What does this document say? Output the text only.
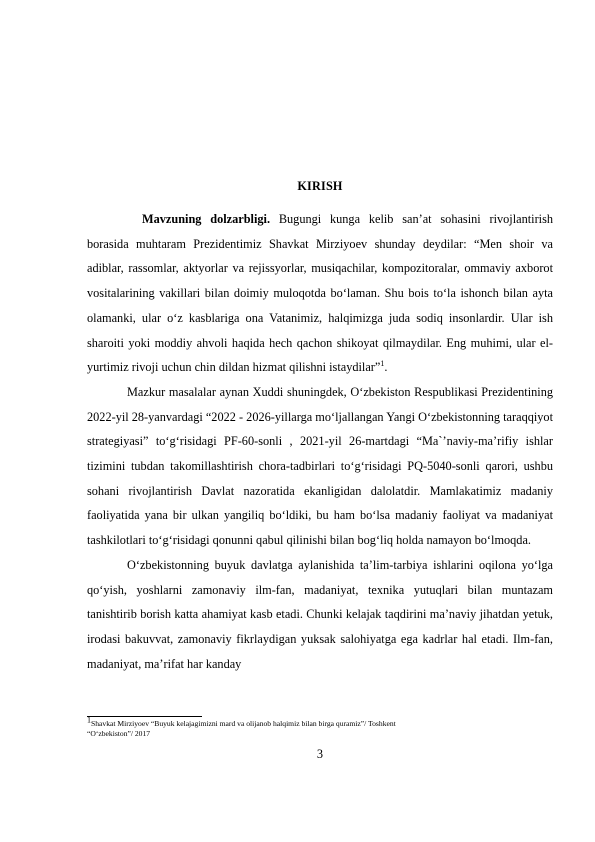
KIRISH

Mavzuning dolzarbligi. Bugungi kunga kelib san’at sohasini rivojlantirish borasida muhtaram Prezidentimiz Shavkat Mirziyoev shunday deydilar: “Men shoir va adiblar, rassomlar, aktyorlar va rejissyorlar, musiqachilar, kompozitoralar, ommaviy axborot vositalarining vakillari bilan doimiy muloqotda bo‘laman. Shu bois to‘la ishonch bilan ayta olamanki, ular o‘z kasblariga ona Vatanimiz, halqimizga juda sodiq insonlardir. Ular ish sharoiti yoki moddiy ahvoli haqida hech qachon shikoyat qilmaydilar. Eng muhimi, ular el-yurtimiz rivoji uchun chin dildan hizmat qilishni istaydilar”$^1$.

Mazkur masalalar aynan Xuddi shuningdek, O‘zbekiston Respublikasi Prezidentining 2022-yil 28-yanvardagi “2022 - 2026-yillarga mo‘ljallangan Yangi O‘zbekistonning taraqqiyot strategiyasi” to‘g‘risidagi PF-60-sonli , 2021-yil 26-martdagi “Ma`’naviy-ma’rifiy ishlar tizimini tubdan takomillashtirish chora-tadbirlari to‘g‘risidagi PQ-5040-sonli qarori, ushbu sohani rivojlantirish Davlat nazoratida ekanligidan dalolatdir. Mamlakatimiz madaniy faoliyatida yana bir ulkan yangiliq bo‘ldiki, bu ham bo‘lsa madaniy faoliyat va madaniyat tashkilotlari to‘g‘risidagi qonunni qabul qilinishi bilan bog‘liq holda namayon bo‘lmoqda.

O‘zbekistonning buyuk davlatga aylanishida ta’lim-tarbiya ishlarini oqilona yo‘lga qo‘yish, yoshlarni zamonaviy ilm-fan, madaniyat, texnika yutuqlari bilan muntazam tanishtirib borish katta ahamiyat kasb etadi. Chunki kelajak taqdirini ma’naviy jihatdan yetuk, irodasi bakuvvat, zamonaviy fikrlaydigan yuksak salohiyatga ega kadrlar hal etadi. Ilm-fan, madaniyat, ma’rifat har kanday

$^1$Shavkat Mirziyoev “Buyuk kelajagimizni mard va olijanob halqimiz bilan birga quramiz”/ Toshkent
“O‘zbekiston”/ 2017
3
